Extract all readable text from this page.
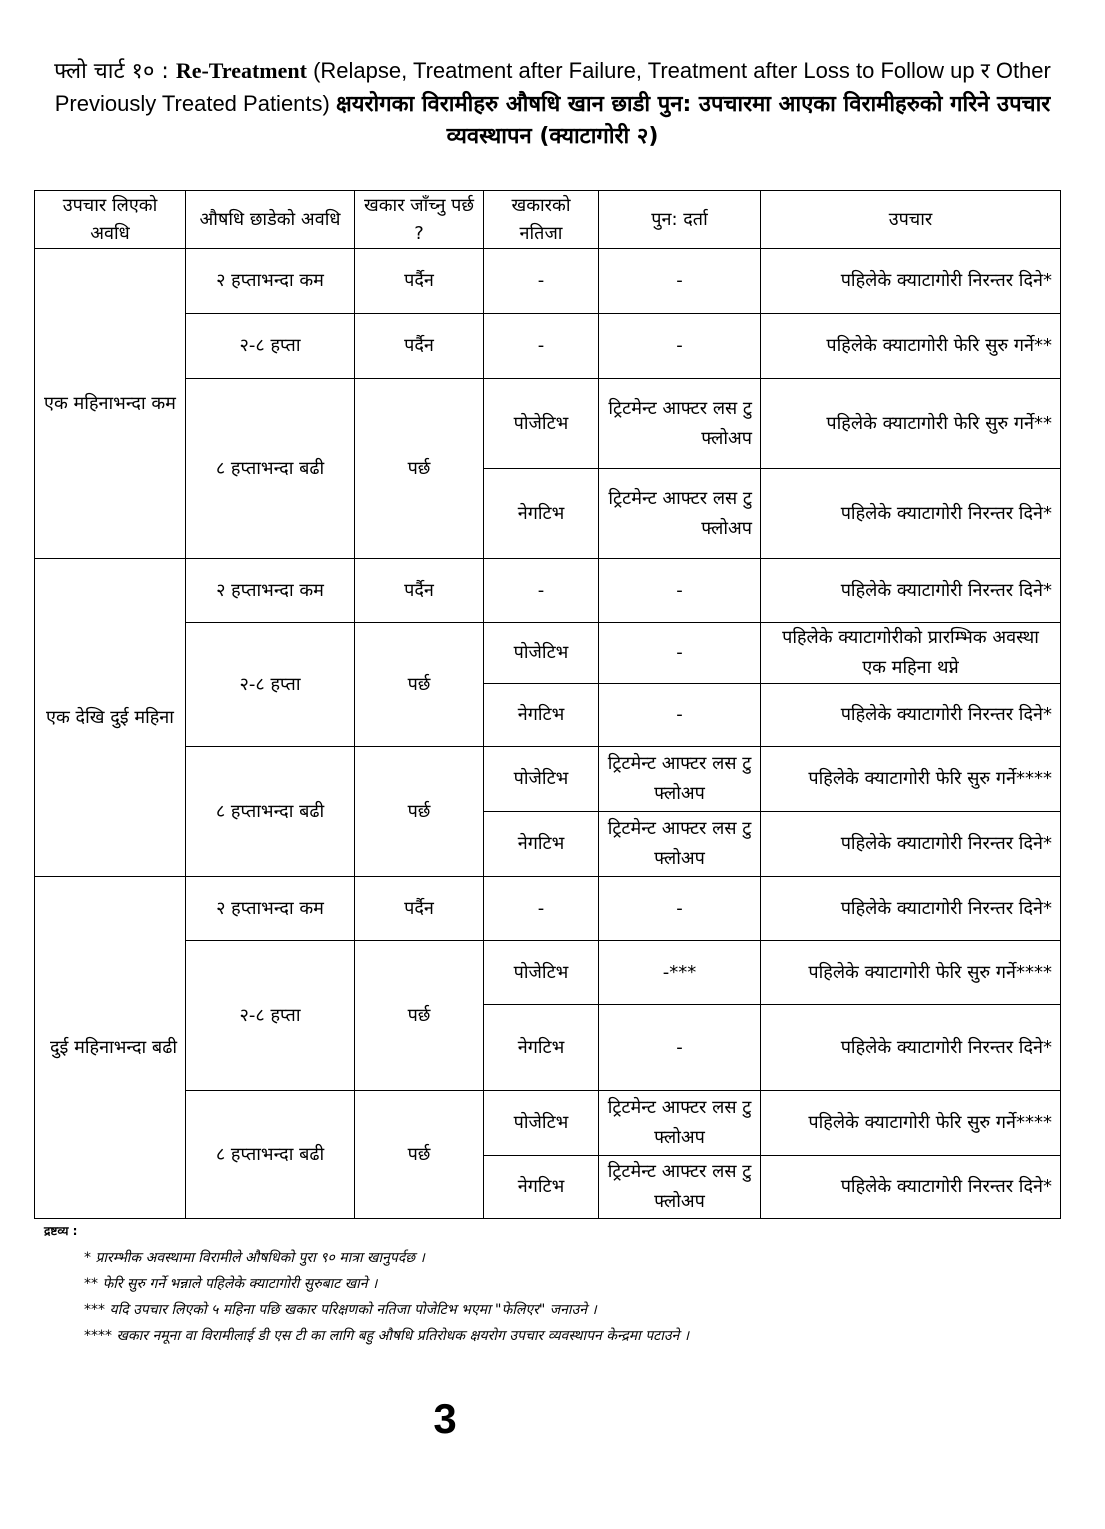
फ्लो चार्ट १० : Re-Treatment (Relapse, Treatment after Failure, Treatment after Loss to Follow up र Other Previously Treated Patients) क्षयरोगका विरामीहरु औषधि खान छाडी पुन: उपचारमा आएका विरामीहरुको गरिने उपचार व्यवस्थापन (क्याटागोरी २)
उपचार लिएको अवधि	औषधि छाडेको अवधि	खकार जाँच्नु पर्छ ?	खकारको नतिजा	पुन: दर्ता	उपचार
एक महिनाभन्दा कम	२ हप्ताभन्दा कम	पर्दैन	-	-	पहिलेके क्याटागोरी निरन्तर दिने*
	२-८ हप्ता	पर्दैन	-	-	पहिलेके क्याटागोरी फेरि सुरु गर्ने**
	८ हप्ताभन्दा बढी	पर्छ	पोजेटिभ	ट्रिटमेन्ट आफ्टर लस टु फ्लोअप	पहिलेके क्याटागोरी फेरि सुरु गर्ने**
			नेगटिभ	ट्रिटमेन्ट आफ्टर लस टु फ्लोअप	पहिलेके क्याटागोरी निरन्तर दिने*
एक देखि दुई महिना	२ हप्ताभन्दा कम	पर्दैन	-	-	पहिलेके क्याटागोरी निरन्तर दिने*
	२-८ हप्ता	पर्छ	पोजेटिभ	-	पहिलेके क्याटागोरीको प्रारम्भिक अवस्था एक महिना थप्ने
			नेगटिभ	-	पहिलेके क्याटागोरी निरन्तर दिने*
	८ हप्ताभन्दा बढी	पर्छ	पोजेटिभ	ट्रिटमेन्ट आफ्टर लस टु फ्लोअप	पहिलेके क्याटागोरी फेरि सुरु गर्ने****
			नेगटिभ	ट्रिटमेन्ट आफ्टर लस टु फ्लोअप	पहिलेके क्याटागोरी निरन्तर दिने*
दुई महिनाभन्दा बढी	२ हप्ताभन्दा कम	पर्दैन	-	-	पहिलेके क्याटागोरी निरन्तर दिने*
	२-८ हप्ता	पर्छ	पोजेटिभ	-***	पहिलेके क्याटागोरी फेरि सुरु गर्ने****
			नेगटिभ	-	पहिलेके क्याटागोरी निरन्तर दिने*
	८ हप्ताभन्दा बढी	पर्छ	पोजेटिभ	ट्रिटमेन्ट आफ्टर लस टु फ्लोअप	पहिलेके क्याटागोरी फेरि सुरु गर्ने****
			नेगटिभ	ट्रिटमेन्ट आफ्टर लस टु फ्लोअप	पहिलेके क्याटागोरी निरन्तर दिने*
द्रष्टव्य :
* प्रारम्भीक अवस्थामा विरामीले औषधिको पुरा ९० मात्रा खानुपर्दछ ।
** फेरि सुरु गर्ने भन्नाले पहिलेके क्याटागोरी सुरुबाट खाने ।
*** यदि उपचार लिएको ५ महिना पछि खकार परिक्षणको नतिजा पोजेटिभ भएमा "फेलिएर" जनाउने ।
**** खकार नमूना वा विरामीलाई डी एस टी का लागि बहु औषधि प्रतिरोधक क्षयरोग उपचार व्यवस्थापन केन्द्रमा पटाउने ।
3
